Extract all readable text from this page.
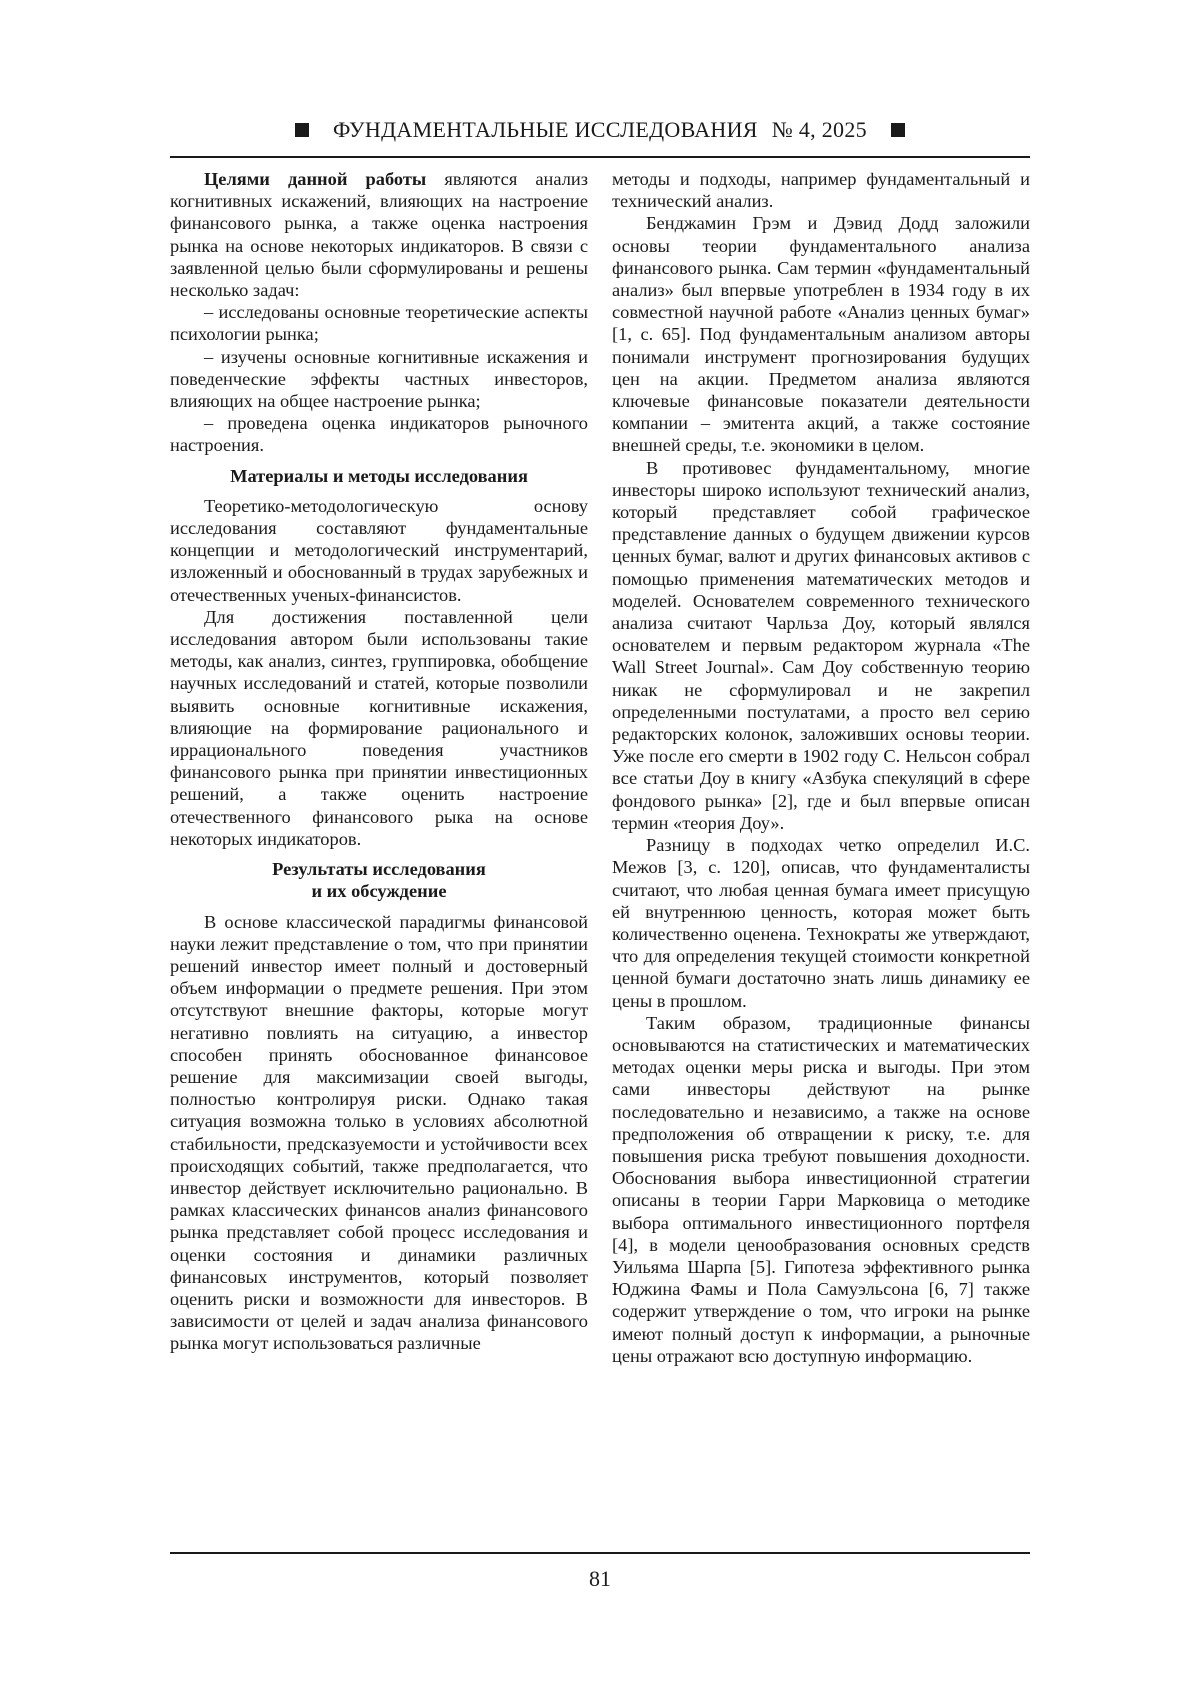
ФУНДАМЕНТАЛЬНЫЕ ИССЛЕДОВАНИЯ № 4, 2025

Целями данной работы являются анализ когнитивных искажений, влияющих на настроение финансового рынка, а также оценка настроения рынка на основе некоторых индикаторов. В связи с заявленной целью были сформулированы и решены несколько задач:

– исследованы основные теоретические аспекты психологии рынка;

– изучены основные когнитивные искажения и поведенческие эффекты частных инвесторов, влияющих на общее настроение рынка;

– проведена оценка индикаторов рыночного настроения.

Материалы и методы исследования

Теоретико-методологическую основу исследования составляют фундаментальные концепции и методологический инструментарий, изложенный и обоснованный в трудах зарубежных и отечественных ученых-финансистов.

Для достижения поставленной цели исследования автором были использованы такие методы, как анализ, синтез, группировка, обобщение научных исследований и статей, которые позволили выявить основные когнитивные искажения, влияющие на формирование рационального и иррационального поведения участников финансового рынка при принятии инвестиционных решений, а также оценить настроение отечественного финансового рыка на основе некоторых индикаторов.

Результаты исследования
и их обсуждение

В основе классической парадигмы финансовой науки лежит представление о том, что при принятии решений инвестор имеет полный и достоверный объем информации о предмете решения. При этом отсутствуют внешние факторы, которые могут негативно повлиять на ситуацию, а инвестор способен принять обоснованное финансовое решение для максимизации своей выгоды, полностью контролируя риски. Однако такая ситуация возможна только в условиях абсолютной стабильности, предсказуемости и устойчивости всех происходящих событий, также предполагается, что инвестор действует исключительно рационально. В рамках классических финансов анализ финансового рынка представляет собой процесс исследования и оценки состояния и динамики различных финансовых инструментов, который позволяет оценить риски и возможности для инвесторов. В зависимости от целей и задач анализа финансового рынка могут использоваться различные

методы и подходы, например фундаментальный и технический анализ.

Бенджамин Грэм и Дэвид Додд заложили основы теории фундаментального анализа финансового рынка. Сам термин «фундаментальный анализ» был впервые употреблен в 1934 году в их совместной научной работе «Анализ ценных бумаг» [1, с. 65]. Под фундаментальным анализом авторы понимали инструмент прогнозирования будущих цен на акции. Предметом анализа являются ключевые финансовые показатели деятельности компании – эмитента акций, а также состояние внешней среды, т.е. экономики в целом.

В противовес фундаментальному, многие инвесторы широко используют технический анализ, который представляет собой графическое представление данных о будущем движении курсов ценных бумаг, валют и других финансовых активов с помощью применения математических методов и моделей. Основателем современного технического анализа считают Чарльза Доу, который являлся основателем и первым редактором журнала «The Wall Street Journal». Сам Доу собственную теорию никак не сформулировал и не закрепил определенными постулатами, а просто вел серию редакторских колонок, заложивших основы теории. Уже после его смерти в 1902 году С. Нельсон собрал все статьи Доу в книгу «Азбука спекуляций в сфере фондового рынка» [2], где и был впервые описан термин «теория Доу».

Разницу в подходах четко определил И.С. Межов [3, с. 120], описав, что фундаменталисты считают, что любая ценная бумага имеет присущую ей внутреннюю ценность, которая может быть количественно оценена. Технократы же утверждают, что для определения текущей стоимости конкретной ценной бумаги достаточно знать лишь динамику ее цены в прошлом.

Таким образом, традиционные финансы основываются на статистических и математических методах оценки меры риска и выгоды. При этом сами инвесторы действуют на рынке последовательно и независимо, а также на основе предположения об отвращении к риску, т.е. для повышения риска требуют повышения доходности. Обоснования выбора инвестиционной стратегии описаны в теории Гарри Марковица о методике выбора оптимального инвестиционного портфеля [4], в модели ценообразования основных средств Уильяма Шарпа [5]. Гипотеза эффективного рынка Юджина Фамы и Пола Самуэльсона [6, 7] также содержит утверждение о том, что игроки на рынке имеют полный доступ к информации, а рыночные цены отражают всю доступную информацию.

81
